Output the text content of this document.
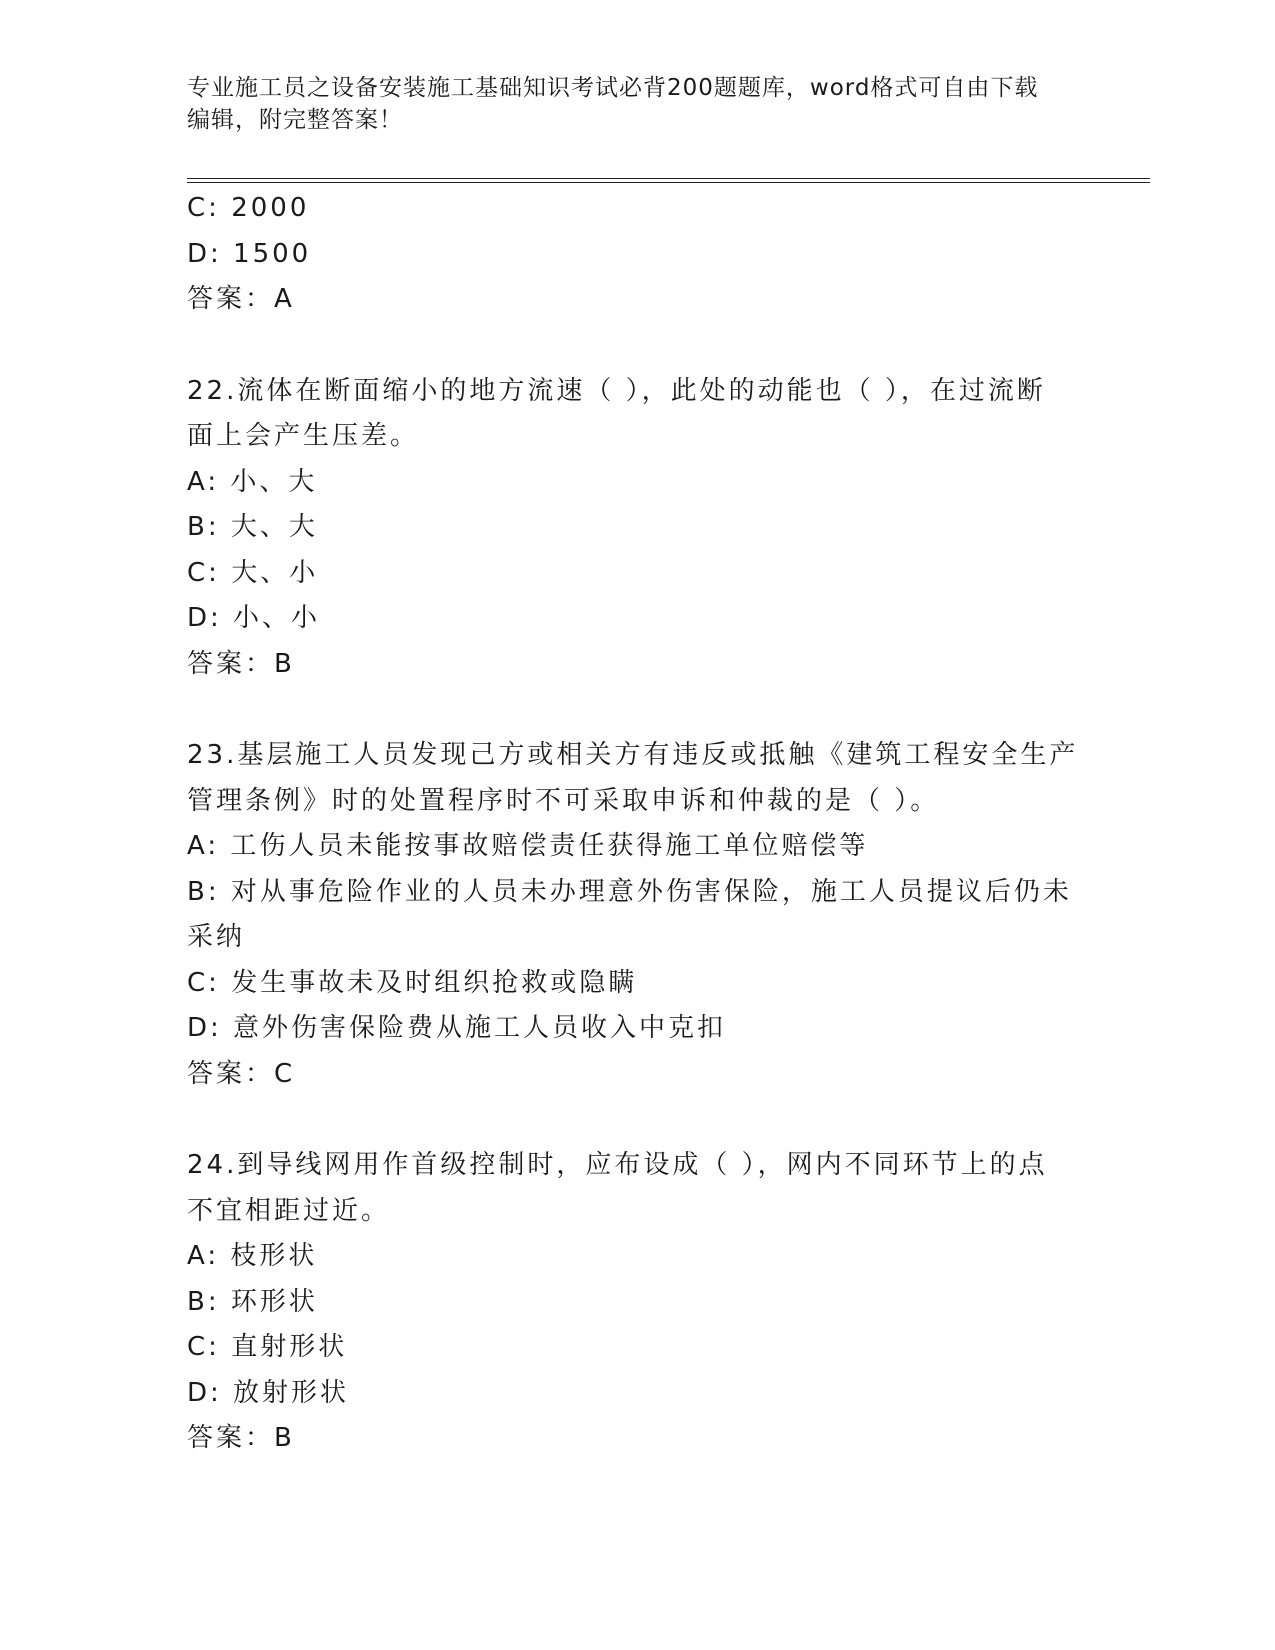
专业施工员之设备安装施工基础知识考试必背200题题库，word格式可自由下载
编辑，附完整答案！
C: 2000
D: 1500
答案：A
22.流体在断面缩小的地方流速（ ），此处的动能也（ ），在过流断
面上会产生压差。
A: 小、大
B: 大、大
C: 大、小
D: 小、小
答案：B
23.基层施工人员发现己方或相关方有违反或抵触《建筑工程安全生产
管理条例》时的处置程序时不可采取申诉和仲裁的是（ ）。
A: 工伤人员未能按事故赔偿责任获得施工单位赔偿等
B: 对从事危险作业的人员未办理意外伤害保险，施工人员提议后仍未
采纳
C: 发生事故未及时组织抢救或隐瞒
D: 意外伤害保险费从施工人员收入中克扣
答案：C
24.到导线网用作首级控制时，应布设成（ ），网内不同环节上的点
不宜相距过近。
A: 枝形状
B: 环形状
C: 直射形状
D: 放射形状
答案：B
